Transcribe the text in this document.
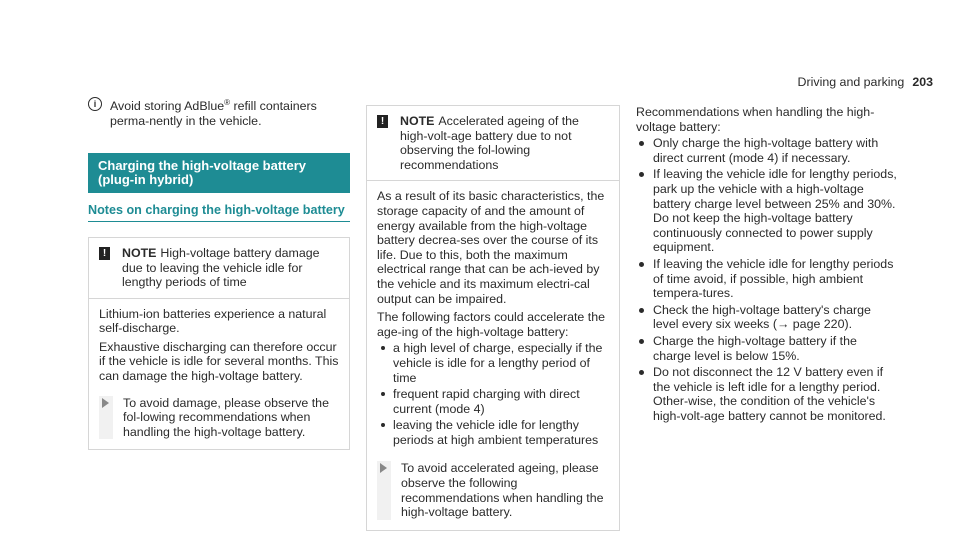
Driving and parking 203
i	Avoid storing AdBlue® refill containers perma-nently in the vehicle.

Charging the high-voltage battery (plug-in hybrid)
Notes on charging the high-voltage battery
!	NOTE High-voltage battery damage due to leaving the vehicle idle for lengthy periods of time

Lithium-ion batteries experience a natural self-discharge.

Exhaustive discharging can therefore occur if the vehicle is idle for several months. This can damage the high-voltage battery.

To avoid damage, please observe the fol-lowing recommendations when handling the high-voltage battery.

!	NOTE Accelerated ageing of the high-volt-age battery due to not observing the fol-lowing recommendations

As a result of its basic characteristics, the storage capacity of and the amount of energy available from the high-voltage battery decrea-ses over the course of its life. Due to this, both the maximum electrical range that can be ach-ieved by the vehicle and its maximum electri-cal output can be impaired.

The following factors could accelerate the age-ing of the high-voltage battery:

a high level of charge, especially if the vehicle is idle for a lengthy period of time
frequent rapid charging with direct current (mode 4)
leaving the vehicle idle for lengthy periods at high ambient temperatures

To avoid accelerated ageing, please observe the following recommendations when handling the high-voltage battery.

Recommendations when handling the high-voltage battery:

Only charge the high-voltage battery with direct current (mode 4) if necessary.
If leaving the vehicle idle for lengthy periods, park up the vehicle with a high-voltage battery charge level between 25% and 30%. Do not keep the high-voltage battery continuously connected to power supply equipment.
If leaving the vehicle idle for lengthy periods of time avoid, if possible, high ambient tempera-tures.
Check the high-voltage battery's charge level every six weeks (→ page 220).
Charge the high-voltage battery if the charge level is below 15%.
Do not disconnect the 12 V battery even if the vehicle is left idle for a lengthy period. Other-wise, the condition of the vehicle's high-volt-age battery cannot be monitored.
